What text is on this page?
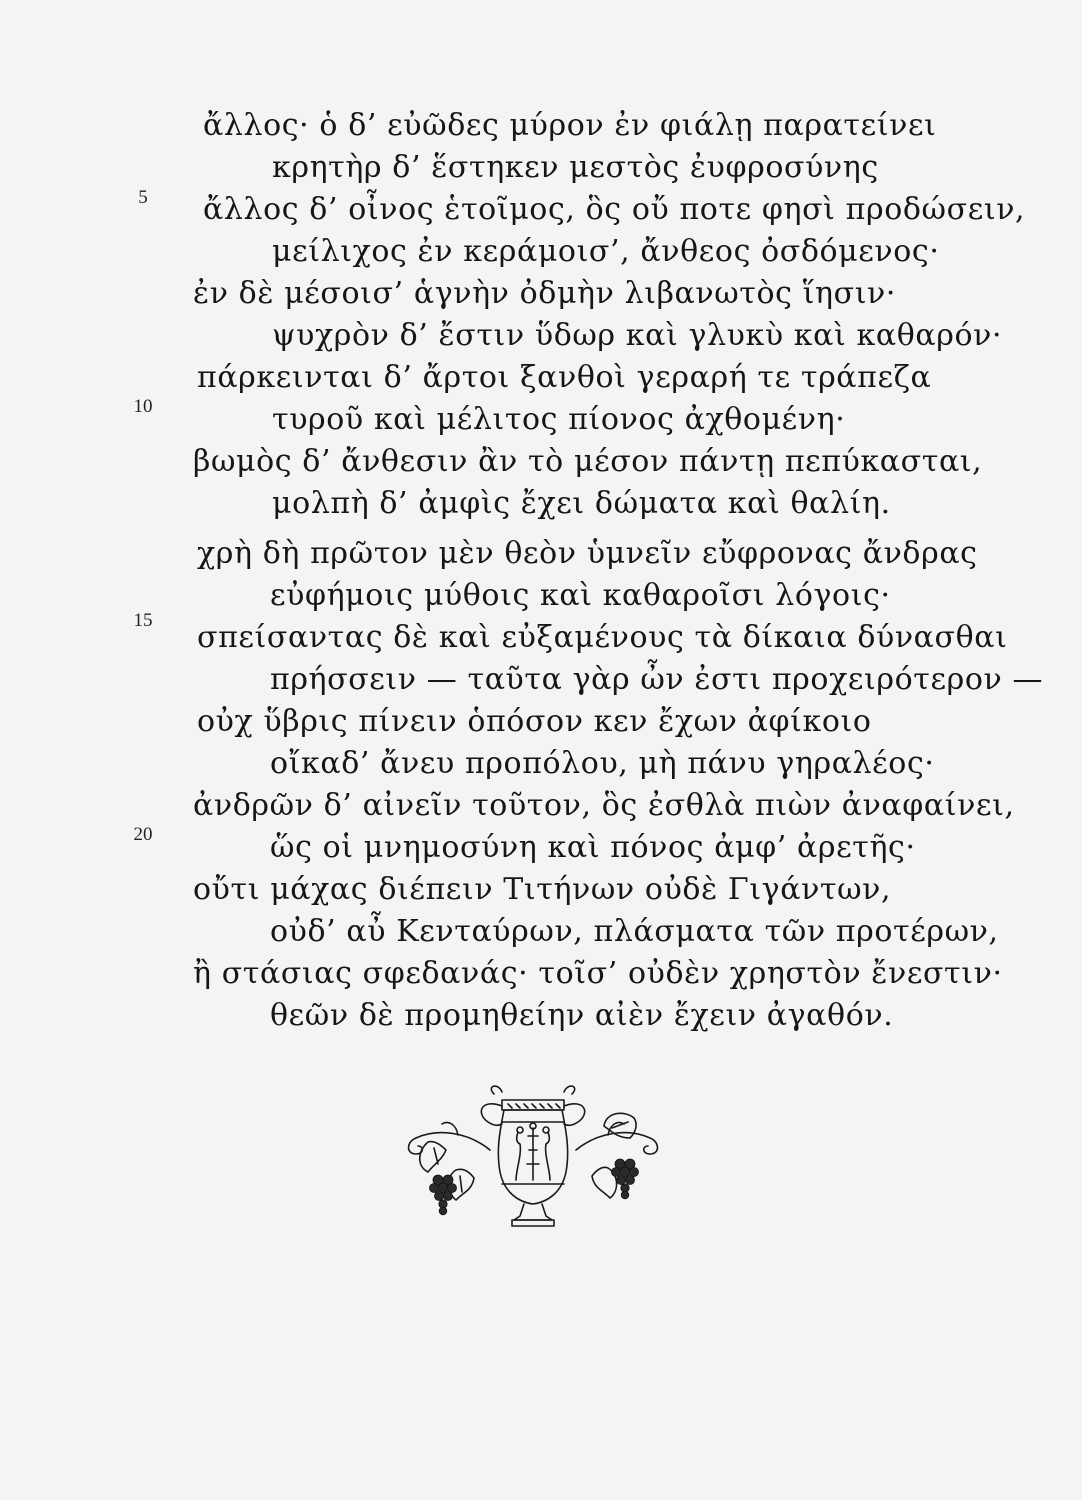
ἄλλος· ὁ δ’ εὐῶδες μύρον ἐν φιάλῃ παρατείνει
κρητὴρ δ’ ἕστηκεν μεστὸς ἐυφροσύνης
ἄλλος δ’ οἶνος ἑτοῖμος, ὃς οὔ ποτε φησὶ προδώσειν,
μείλιχος ἐν κεράμοισ’, ἄνθεος ὀσδόμενος·
ἐν δὲ μέσοισ’ ἁγνὴν ὀδμὴν λιβανωτὸς ἵησιν·
ψυχρὸν δ’ ἔστιν ὕδωρ καὶ γλυκὺ καὶ καθαρόν·
πάρκεινται δ’ ἄρτοι ξανθοὶ γεραρή τε τράπεζα
τυροῦ καὶ μέλιτος πίονος ἀχθομένη·
βωμὸς δ’ ἄνθεσιν ἂν τὸ μέσον πάντῃ πεπύκασται,
μολπὴ δ’ ἀμφὶς ἔχει δώματα καὶ θαλίη.
χρὴ δὴ πρῶτον μὲν θεὸν ὑμνεῖν εὔφρονας ἄνδρας
εὐφήμοις μύθοις καὶ καθαροῖσι λόγοις·
σπείσαντας δὲ καὶ εὐξαμένους τὰ δίκαια δύνασθαι
πρήσσειν — ταῦτα γὰρ ὦν ἐστι προχειρότερον —
οὐχ ὕβρις πίνειν ὁπόσον κεν ἔχων ἀφίκοιο
οἴκαδ’ ἄνευ προπόλου, μὴ πάνυ γηραλέος·
ἀνδρῶν δ’ αἰνεῖν τοῦτον, ὃς ἐσθλὰ πιὼν ἀναφαίνει,
ὥς οἱ μνημοσύνη καὶ πόνος ἀμφ’ ἀρετῆς·
οὔτι μάχας διέπειν Τιτήνων οὐδὲ Γιγάντων,
οὐδ’ αὖ Κενταύρων, πλάσματα τῶν προτέρων,
ἢ στάσιας σφεδανάς· τοῖσ’ οὐδὲν χρηστὸν ἔνεστιν·
θεῶν δὲ προμηθείην αἰὲν ἔχειν ἀγαθόν.
5
10
15
20
